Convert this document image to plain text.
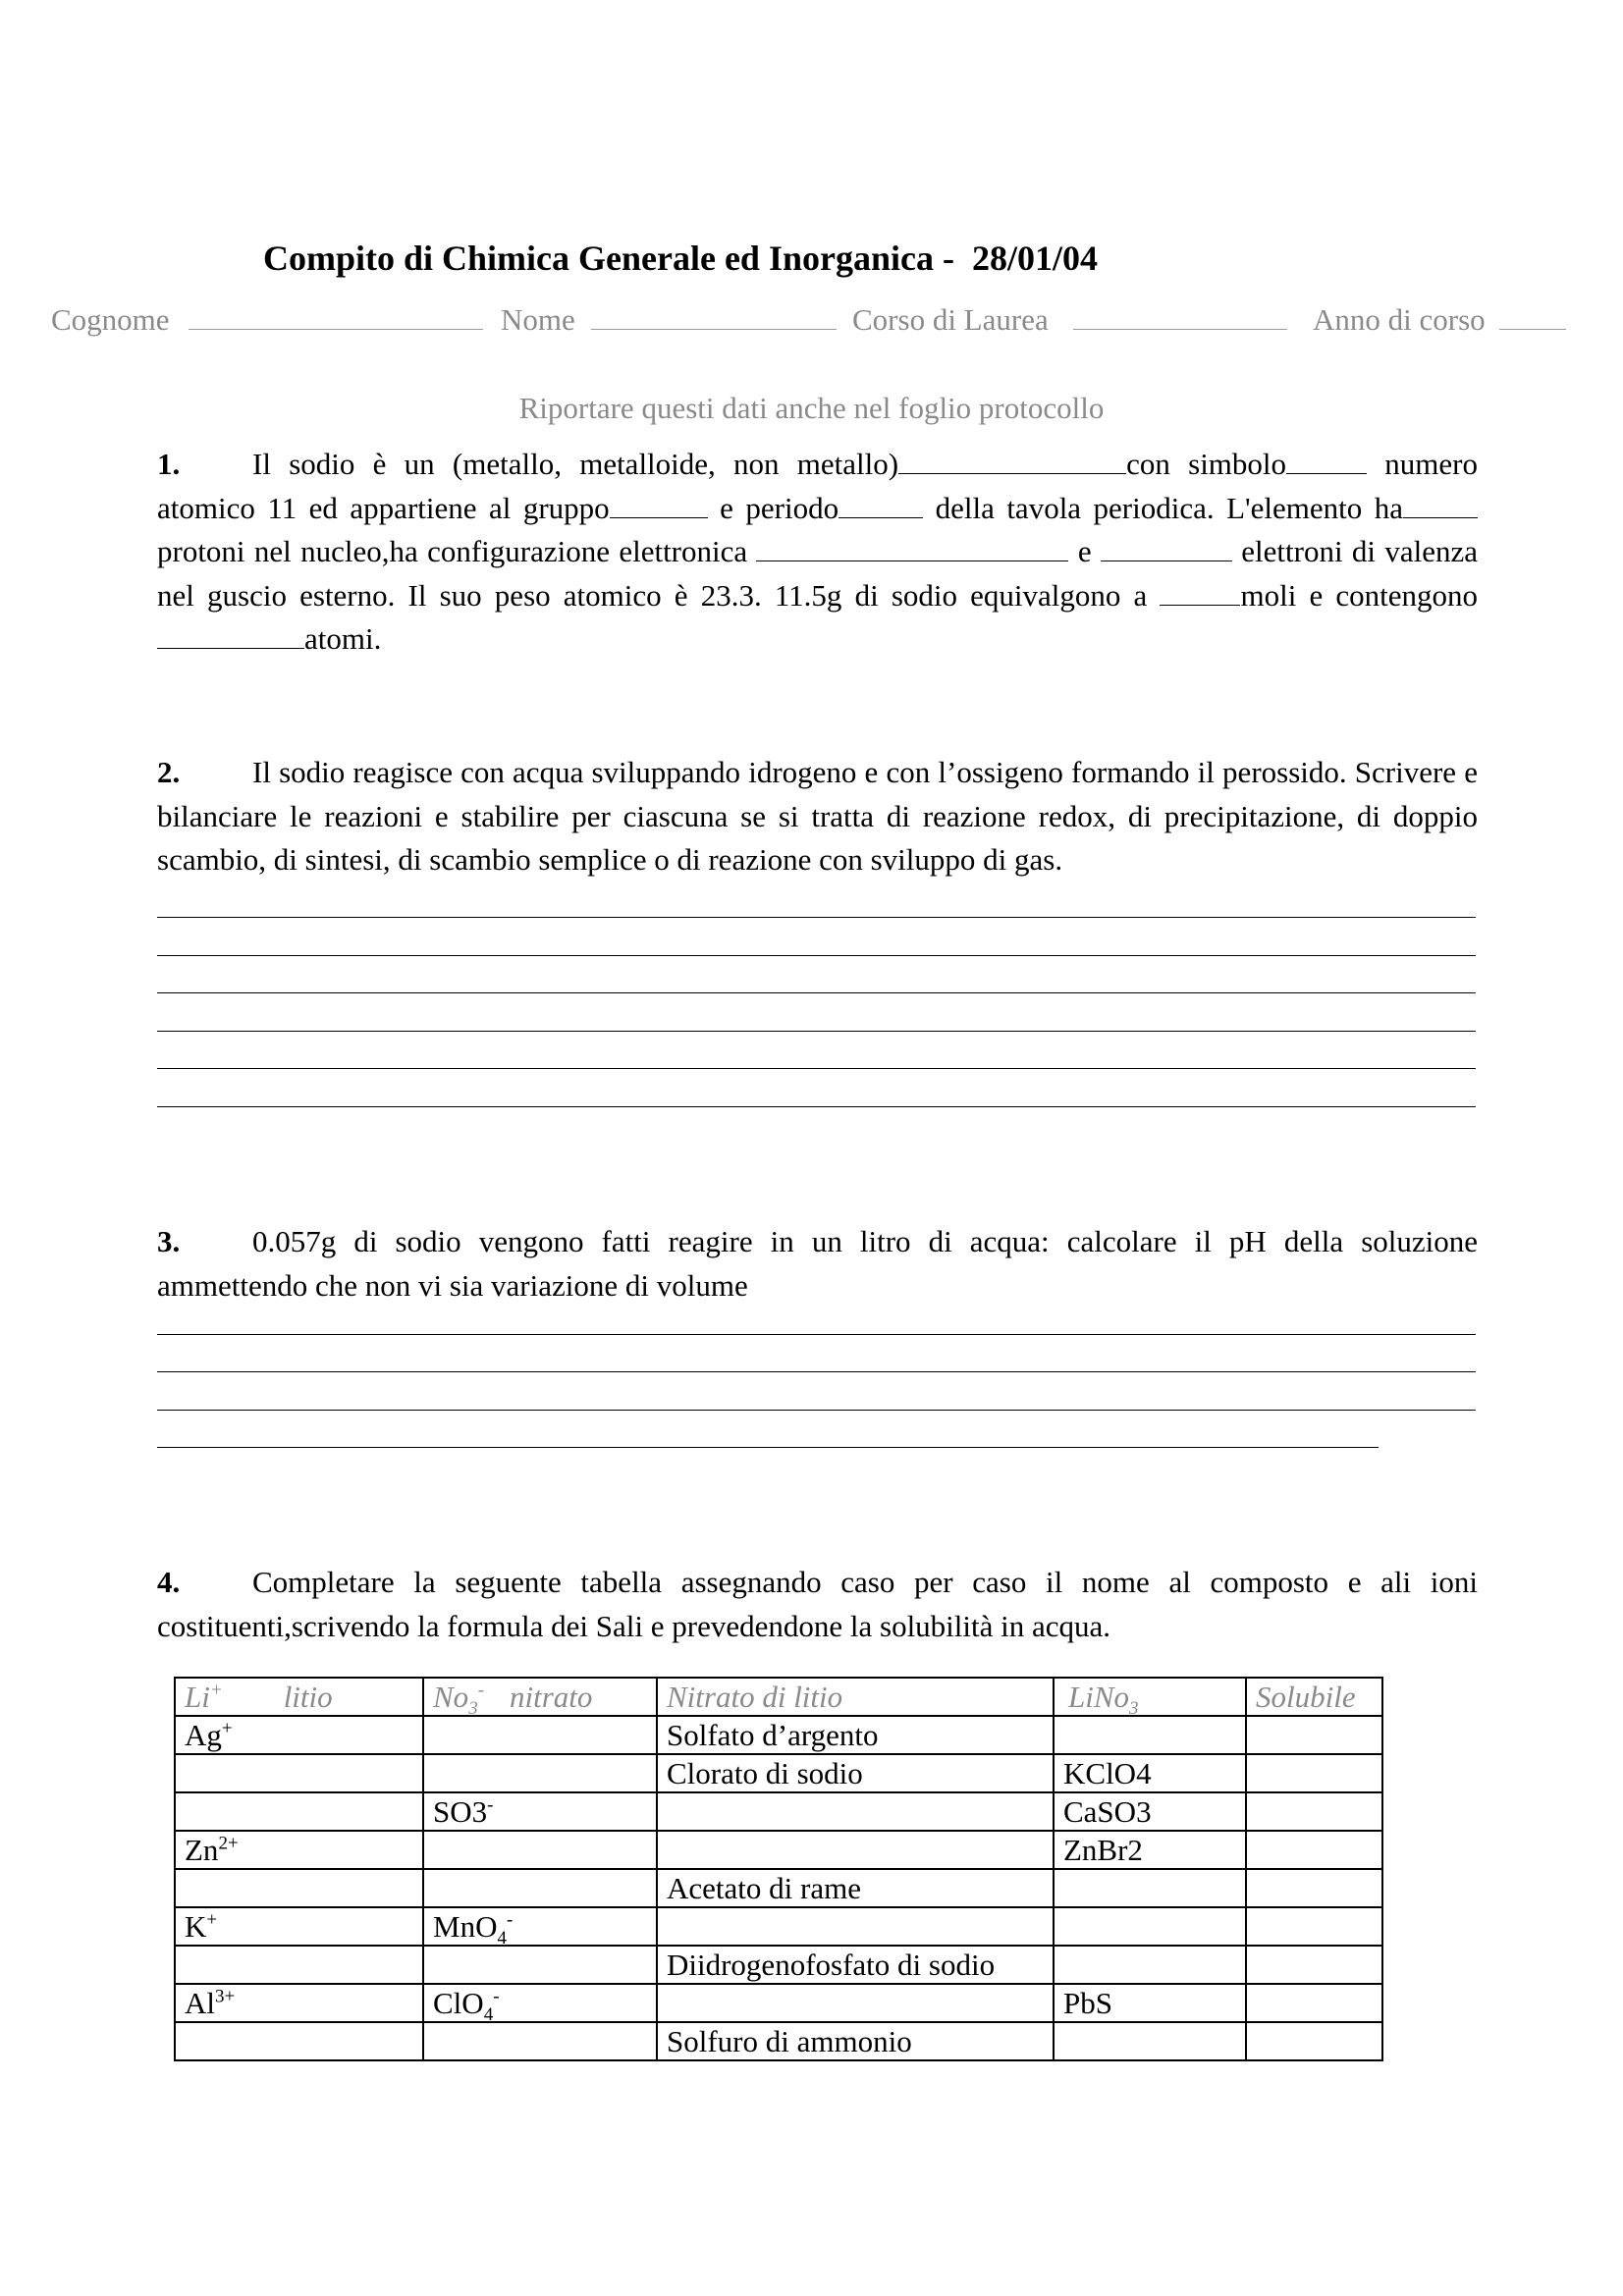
Compito di Chimica Generale ed Inorganica -  28/01/04
Cognome	Nome	Corso di Laurea	Anno di corso
Riportare questi dati anche nel foglio protocollo
1. Il sodio è un (metallo, metalloide, non metallo)	con simbolo	numero atomico 11 ed appartiene al gruppo	e periodo	della tavola periodica. L'elemento ha protoni nel nucleo,ha configurazione elettronica	e	elettroni di valenza nel guscio esterno. Il suo peso atomico è 23.3. 11.5g di sodio equivalgono a	moli e contengono atomi.
2. Il sodio reagisce con acqua sviluppando idrogeno e con l’ossigeno formando il perossido. Scrivere e bilanciare le reazioni e stabilire per ciascuna se si tratta di reazione redox, di precipitazione, di doppio scambio, di sintesi, di scambio semplice o di reazione con sviluppo di gas.
3. 0.057g di sodio vengono fatti reagire in un litro di acqua: calcolare il pH della soluzione ammettendo che non vi sia variazione di volume
4. Completare la seguente tabella assegnando caso per caso il nome al composto e ali ioni costituenti,scrivendo la formula dei Sali e prevedendone la solubilità in acqua.
Li+ litio	$No_3^-$ nitrato	Nitrato di litio	LiNo$_3$	Solubile
Ag+		Solfato d’argento		
		Clorato di sodio	KClO4	
	SO3-		CaSO3	
$Zn^{2+}$			ZnBr2	
		Acetato di rame		
K+	MnO$_4$-			
		Diidrogenofosfato di sodio		
$Al^{3+}$	ClO$_4$-		PbS	
		Solfuro di ammonio		
